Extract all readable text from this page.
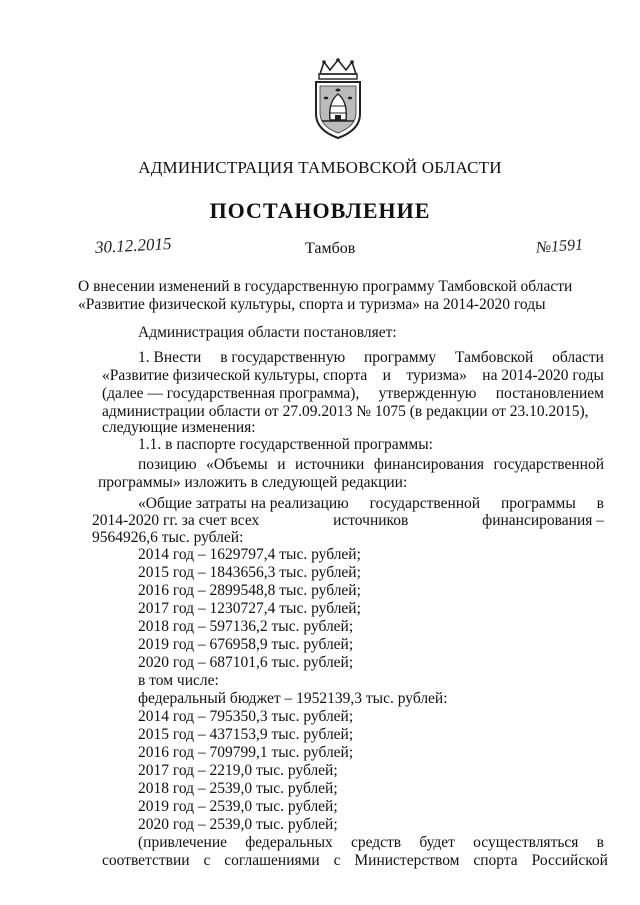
АДМИНИСТРАЦИЯ ТАМБОВСКОЙ ОБЛАСТИ
ПОСТАНОВЛЕНИЕ
30.12.2015	Тамбов	№1591
О внесении изменений в государственную программу Тамбовской области
«Развитие физической культуры, спорта и туризма» на 2014-2020 годы
Администрация области постановляет:
1. Внести в государственную программу Тамбовской области
«Развитие физической культуры, спорта и туризма» на 2014-2020 годы
(далее — государственная программа), утвержденную постановлением
администрации области от 27.09.2013 № 1075 (в редакции от 23.10.2015),
следующие изменения:
1.1. в паспорте государственной программы:
позицию «Объемы и источники финансирования государственной
программы» изложить в следующей редакции:
«Общие затраты на реализацию государственной программы в
2014-2020 гг. за счет всех	источников	финансирования –
9564926,6 тыс. рублей:
2014 год – 1629797,4 тыс. рублей;
2015 год – 1843656,3 тыс. рублей;
2016 год – 2899548,8 тыс. рублей;
2017 год – 1230727,4 тыс. рублей;
2018 год – 597136,2 тыс. рублей;
2019 год – 676958,9 тыс. рублей;
2020 год – 687101,6 тыс. рублей;
в том числе:
федеральный бюджет – 1952139,3 тыс. рублей:
2014 год – 795350,3 тыс. рублей;
2015 год – 437153,9 тыс. рублей;
2016 год – 709799,1 тыс. рублей;
2017 год – 2219,0 тыс. рублей;
2018 год – 2539,0 тыс. рублей;
2019 год – 2539,0 тыс. рублей;
2020 год – 2539,0 тыс. рублей;
(привлечение федеральных средств будет осуществляться в
соответствии с соглашениями с Министерством спорта Российской
